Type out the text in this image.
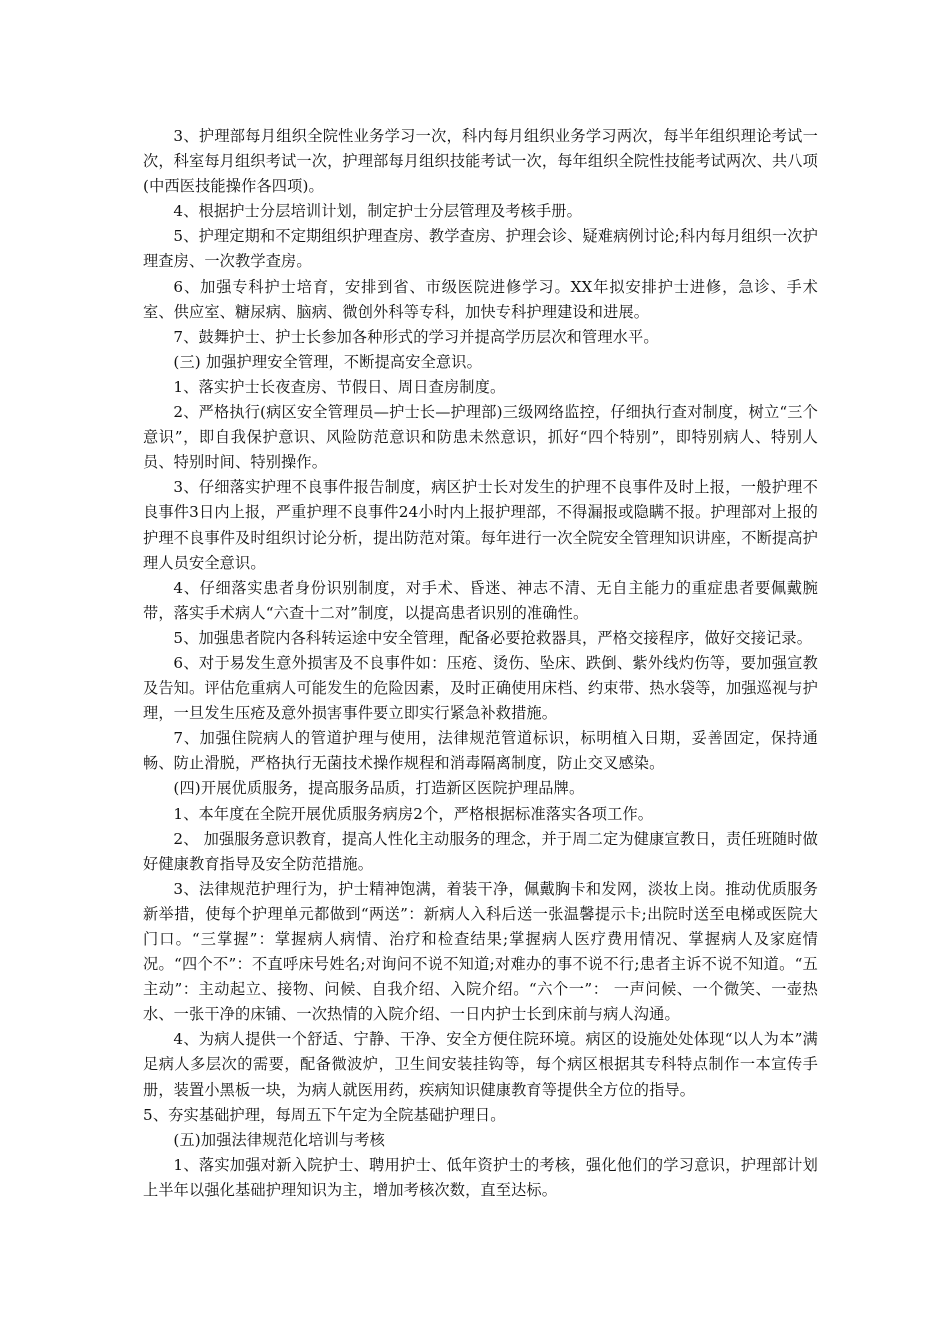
3、护理部每月组织全院性业务学习一次，科内每月组织业务学习两次，每半年组织理论考试一次，科室每月组织考试一次，护理部每月组织技能考试一次，每年组织全院性技能考试两次、共八项(中西医技能操作各四项)。

4、根据护士分层培训计划，制定护士分层管理及考核手册。

5、护理定期和不定期组织护理查房、教学查房、护理会诊、疑难病例讨论;科内每月组织一次护理查房、一次教学查房。

6、加强专科护士培育，安排到省、市级医院进修学习。XX年拟安排护士进修，急诊、手术室、供应室、糖尿病、脑病、微创外科等专科，加快专科护理建设和进展。

7、鼓舞护士、护士长参加各种形式的学习并提高学历层次和管理水平。

(三) 加强护理安全管理，不断提高安全意识。

1、落实护士长夜查房、节假日、周日查房制度。

2、严格执行(病区安全管理员—护士长—护理部)三级网络监控，仔细执行查对制度，树立“三个意识”，即自我保护意识、风险防范意识和防患未然意识，抓好“四个特别”，即特别病人、特别人员、特别时间、特别操作。

3、仔细落实护理不良事件报告制度，病区护士长对发生的护理不良事件及时上报，一般护理不良事件3日内上报，严重护理不良事件24小时内上报护理部，不得漏报或隐瞒不报。护理部对上报的护理不良事件及时组织讨论分析，提出防范对策。每年进行一次全院安全管理知识讲座，不断提高护理人员安全意识。

4、仔细落实患者身份识别制度，对手术、昏迷、神志不清、无自主能力的重症患者要佩戴腕带，落实手术病人“六查十二对”制度，以提高患者识别的准确性。

5、加强患者院内各科转运途中安全管理，配备必要抢救器具，严格交接程序，做好交接记录。

6、对于易发生意外损害及不良事件如：压疮、烫伤、坠床、跌倒、紫外线灼伤等，要加强宣教及告知。评估危重病人可能发生的危险因素，及时正确使用床档、约束带、热水袋等，加强巡视与护理，一旦发生压疮及意外损害事件要立即实行紧急补救措施。

7、加强住院病人的管道护理与使用，法律规范管道标识，标明植入日期，妥善固定，保持通畅、防止滑脱，严格执行无菌技术操作规程和消毒隔离制度，防止交叉感染。

(四)开展优质服务，提高服务品质，打造新区医院护理品牌。

1、本年度在全院开展优质服务病房2个，严格根据标准落实各项工作。

2、 加强服务意识教育，提高人性化主动服务的理念，并于周二定为健康宣教日，责任班随时做好健康教育指导及安全防范措施。

3、法律规范护理行为，护士精神饱满，着装干净，佩戴胸卡和发网，淡妆上岗。推动优质服务新举措，使每个护理单元都做到“两送”：新病人入科后送一张温馨提示卡;出院时送至电梯或医院大门口。“三掌握”：掌握病人病情、治疗和检查结果;掌握病人医疗费用情况、掌握病人及家庭情况。“四个不”：不直呼床号姓名;对询问不说不知道;对难办的事不说不行;患者主诉不说不知道。“五主动”：主动起立、接物、问候、自我介绍、入院介绍。“六个一”： 一声问候、一个微笑、一壶热水、一张干净的床铺、一次热情的入院介绍、一日内护士长到床前与病人沟通。

4、为病人提供一个舒适、宁静、干净、安全方便住院环境。病区的设施处处体现“以人为本”满足病人多层次的需要，配备微波炉，卫生间安装挂钩等，每个病区根据其专科特点制作一本宣传手册，装置小黑板一块，为病人就医用药，疾病知识健康教育等提供全方位的指导。

5、夯实基础护理，每周五下午定为全院基础护理日。

(五)加强法律规范化培训与考核

1、落实加强对新入院护士、聘用护士、低年资护士的考核，强化他们的学习意识，护理部计划上半年以强化基础护理知识为主，增加考核次数，直至达标。
